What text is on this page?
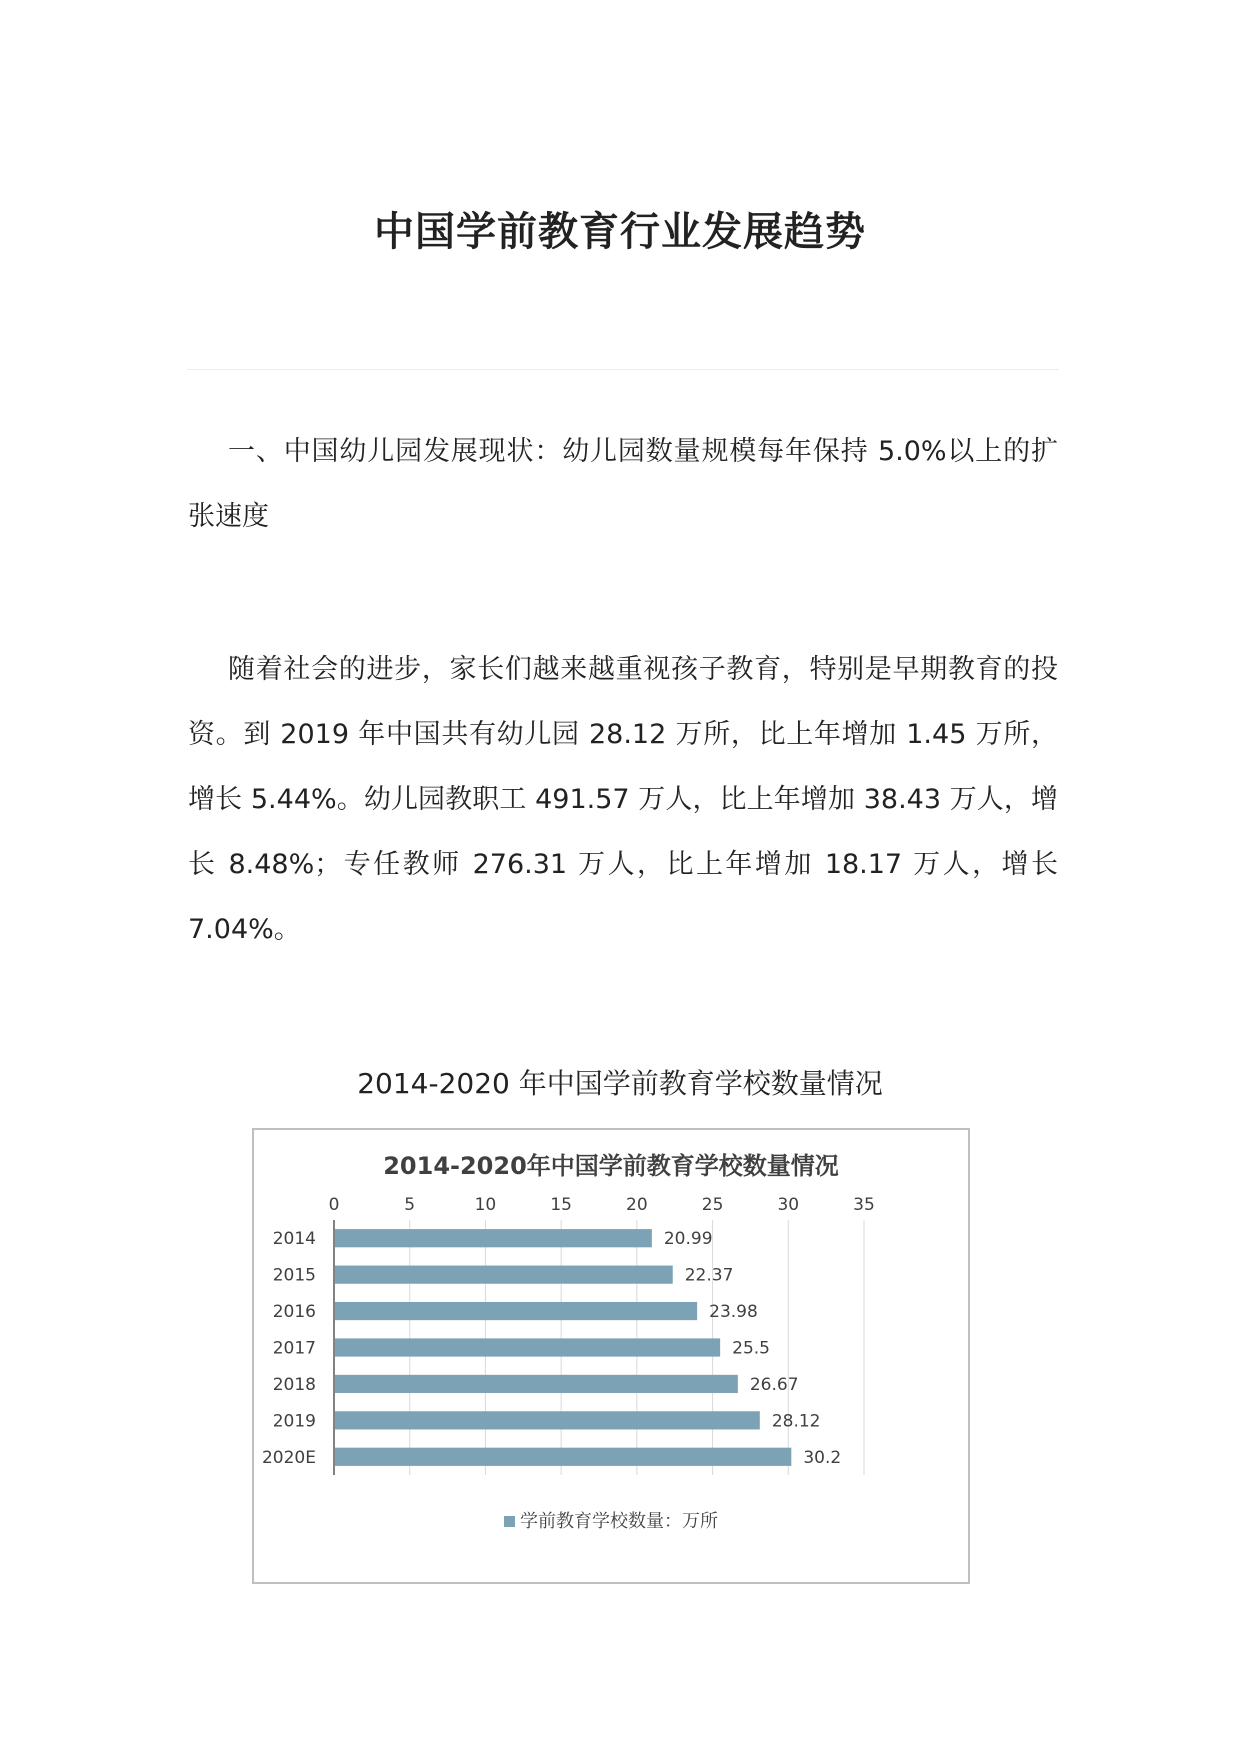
中国学前教育行业发展趋势

一、中国幼儿园发展现状：幼儿园数量规模每年保持 5.0%以上的扩张速度

随着社会的进步，家长们越来越重视孩子教育，特别是早期教育的投资。到 2019 年中国共有幼儿园 28.12 万所，比上年增加 1.45 万所，增长 5.44%。幼儿园教职工 491.57 万人，比上年增加 38.43 万人，增长 8.48%；专任教师 276.31 万人，比上年增加 18.17 万人，增长 7.04%。

2014-2020 年中国学前教育学校数量情况
2014-2020年中国学前教育学校数量情况
0	5	10	15	20	25	30	35
2014	20.99
2015	22.37
2016	23.98
2017	25.5
2018	26.67
2019	28.12
2020E	30.2
学前教育学校数量：万所
